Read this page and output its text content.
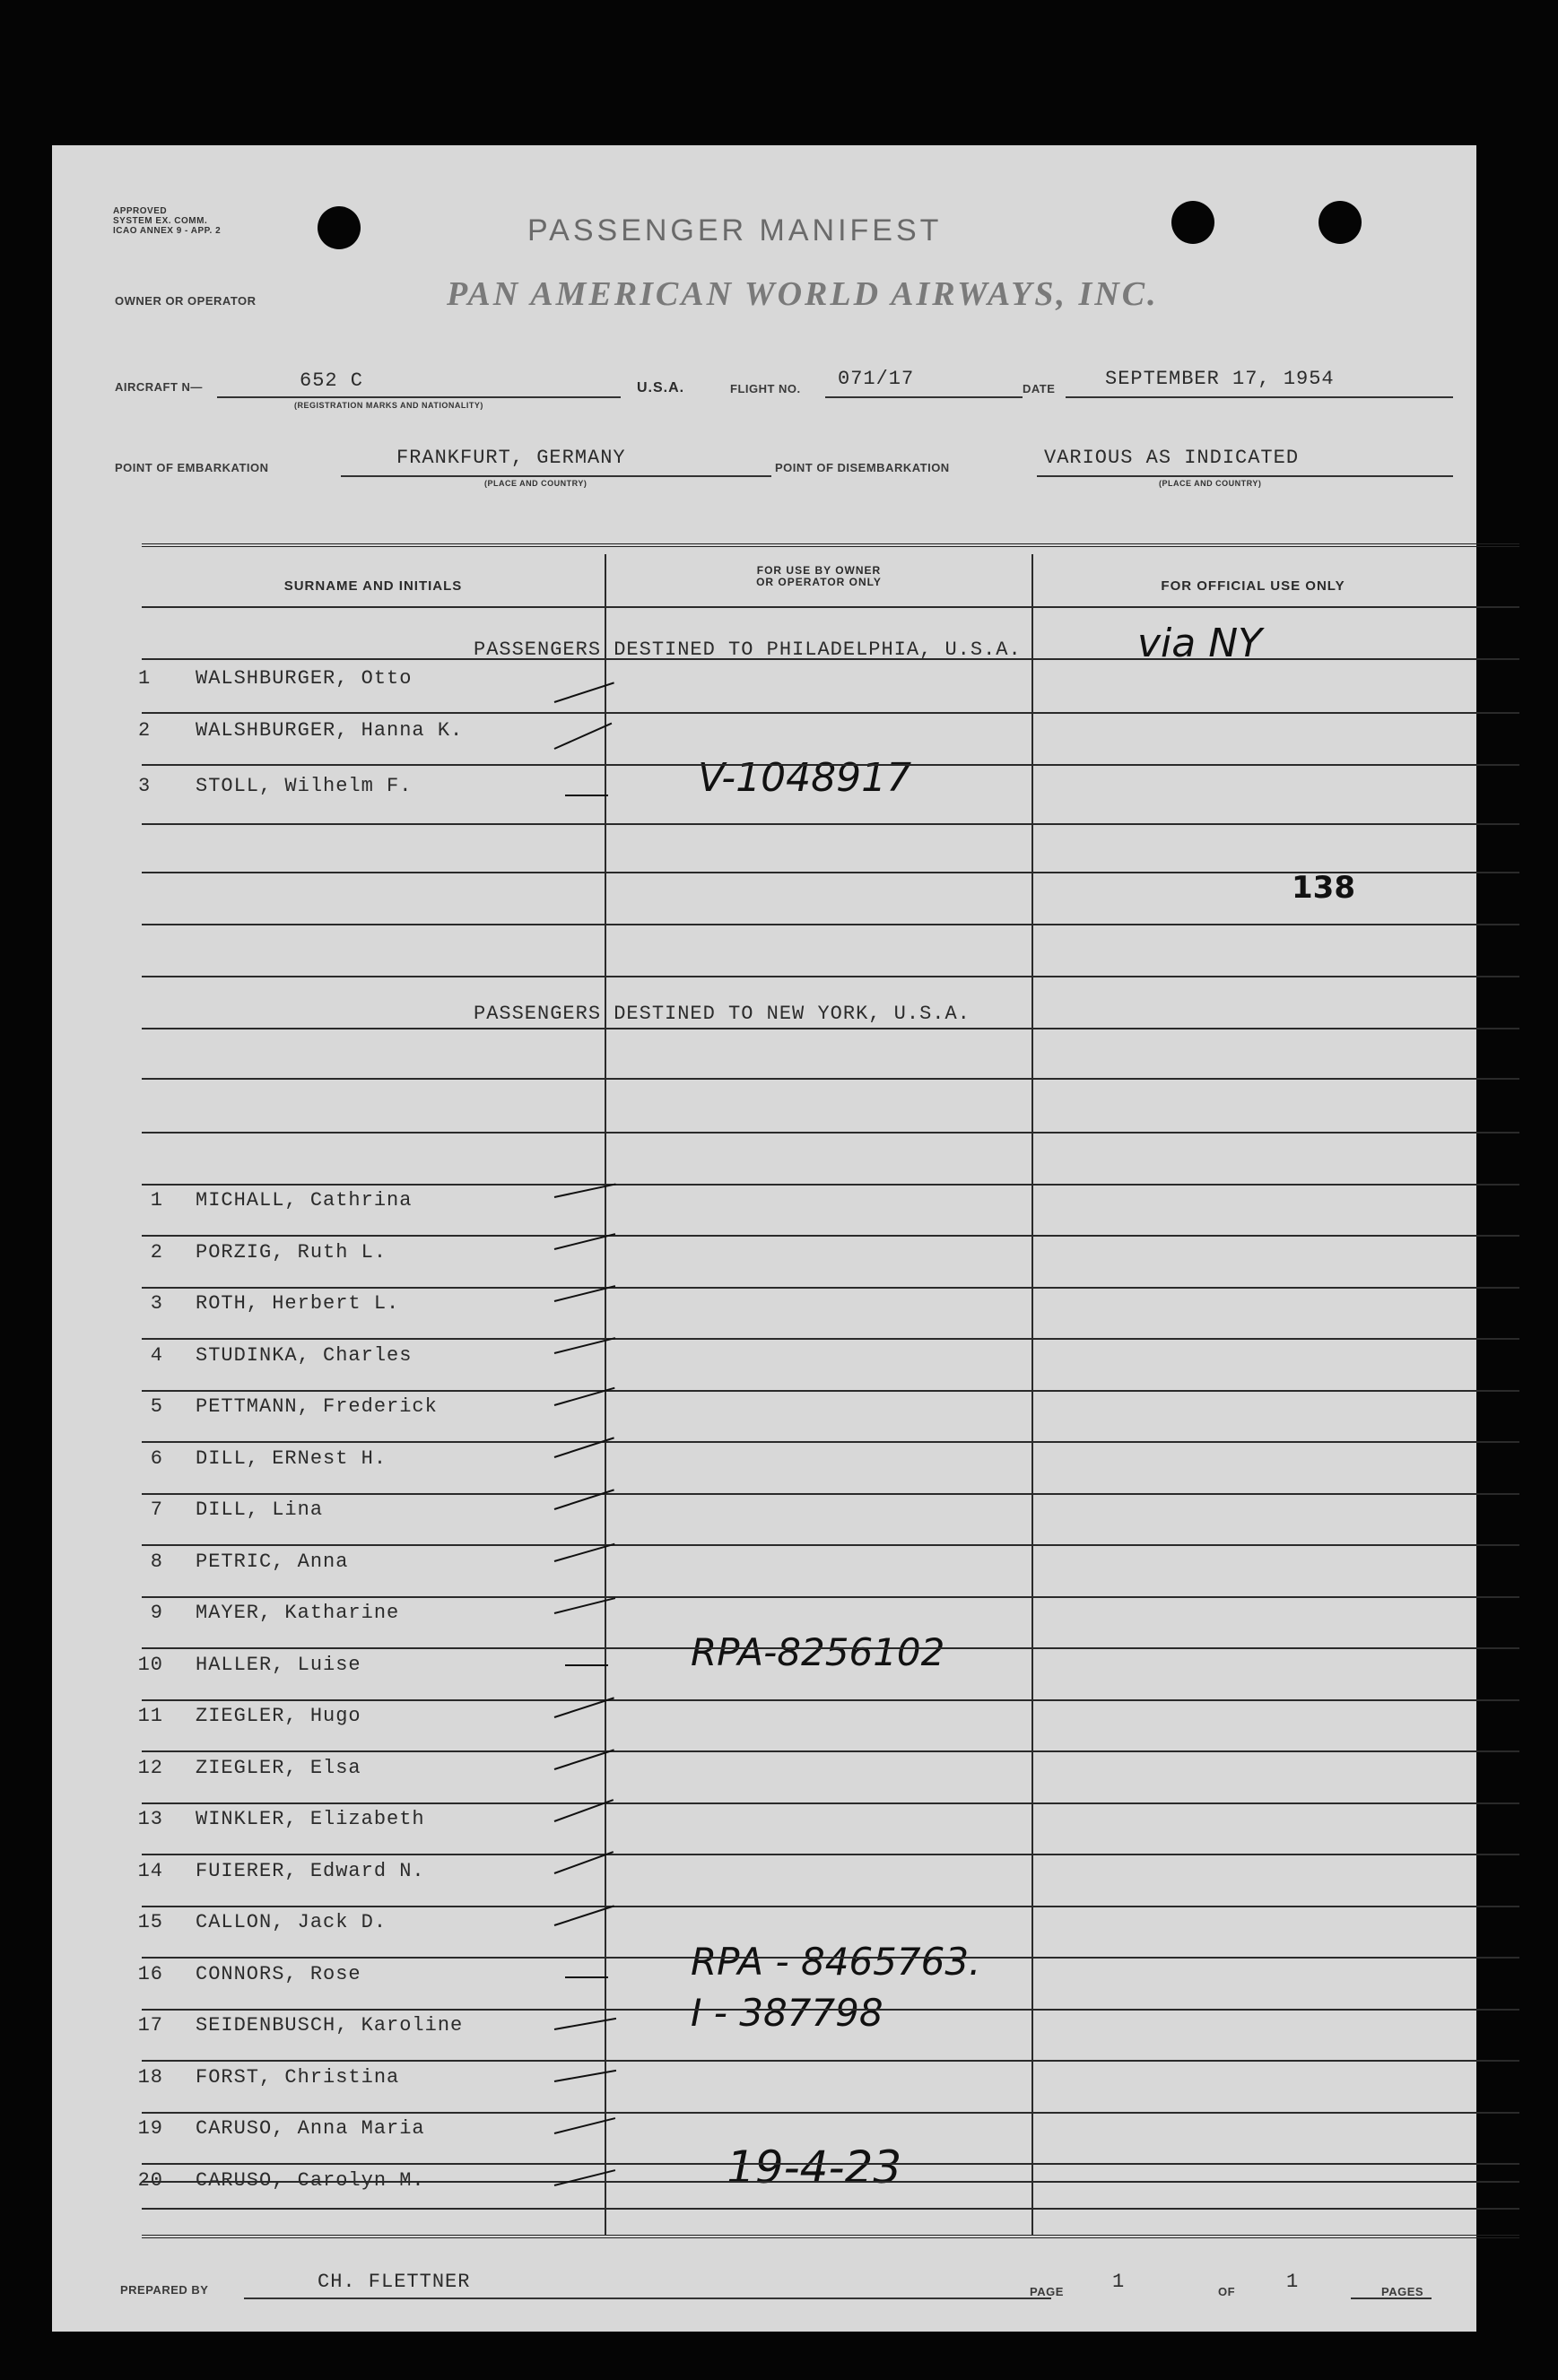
APPROVED
SYSTEM EX. COMM.
ICAO ANNEX 9 - APP. 2	PASSENGER MANIFEST
OWNER OR OPERATOR	PAN AMERICAN WORLD AIRWAYS, INC.
AIRCRAFT N—	652 C
(REGISTRATION MARKS AND NATIONALITY)
U.S.A.	FLIGHT NO. 071/17	DATE	SEPTEMBER 17, 1954
POINT OF EMBARKATION	FRANKFURT, GERMANY
(PLACE AND COUNTRY)
POINT OF DISEMBARKATION	VARIOUS AS INDICATED
(PLACE AND COUNTRY)
SURNAME AND INITIALS
FOR USE BY OWNER
OR OPERATOR ONLY	FOR OFFICIAL USE ONLY
PASSENGERS DESTINED TO PHILADELPHIA, U.S.A.	via NY
1 WALSHBURGER, Otto
2 WALSHBURGER, Hanna K.
3 STOLL, Wilhelm F.	V-1048917
138
PASSENGERS DESTINED TO NEW YORK, U.S.A.
1 MICHALL, Cathrina
2 PORZIG, Ruth L.
3 ROTH, Herbert L.
4 STUDINKA, Charles
5 PETTMANN, Frederick
6 DILL, ERNest H.
7 DILL, Lina
8 PETRIC, Anna
9 MAYER, Katharine
10 HALLER, Luise	RPA-8256102
11 ZIEGLER, Hugo
12 ZIEGLER, Elsa
13 WINKLER, Elizabeth
14 FUIERER, Edward N.
15 CALLON, Jack D.
16 CONNORS, Rose	RPA - 8465763.
17 SEIDENBUSCH, Karoline	I - 387798
18 FORST, Christina
19 CARUSO, Anna Maria
20 CARUSO, Carolyn M.	19-4-23
PREPARED BY	CH. FLETTNER	PAGE 1	OF	1	PAGES
